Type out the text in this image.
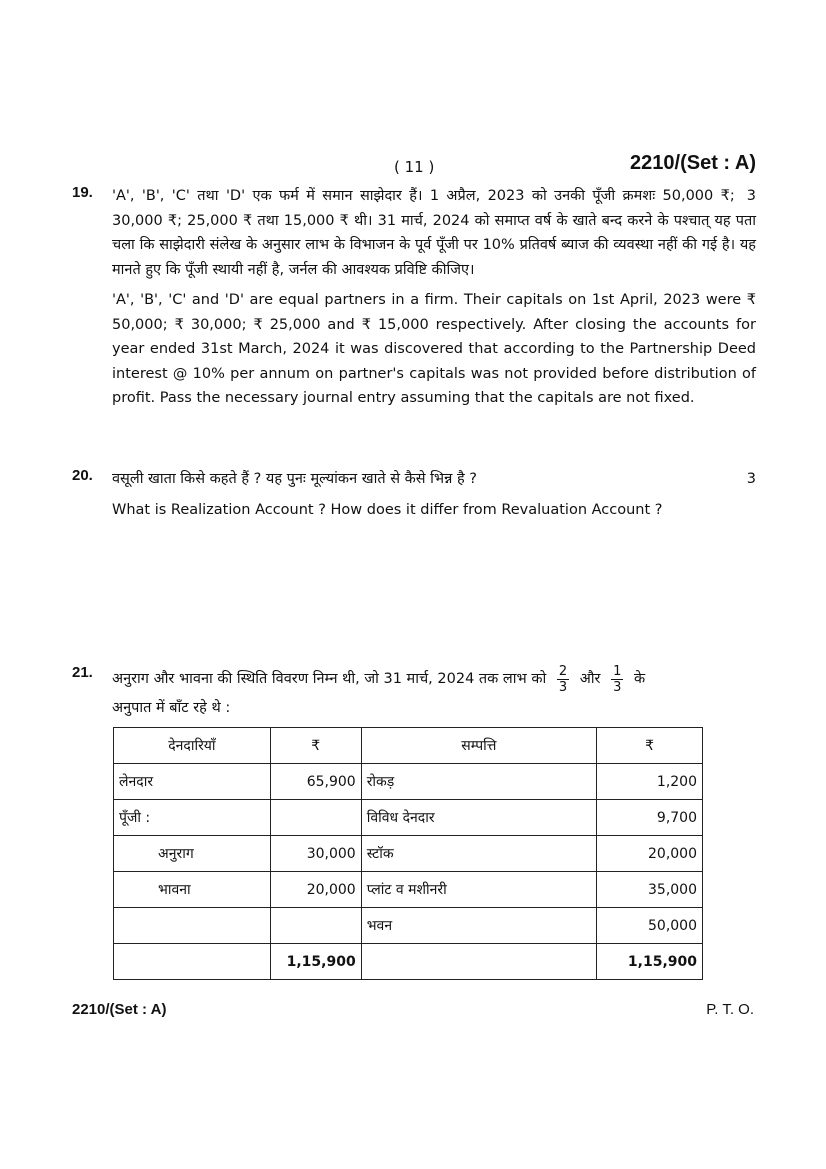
( 11 )	2210/(Set : A)
19.	3
'A', 'B', 'C' तथा 'D' एक फर्म में समान साझेदार हैं। 1 अप्रैल, 2023 को उनकी पूँजी क्रमशः 50,000 ₹; 30,000 ₹; 25,000 ₹ तथा 15,000 ₹ थी। 31 मार्च, 2024 को समाप्त वर्ष के खाते बन्द करने के पश्चात् यह पता चला कि साझेदारी संलेख के अनुसार लाभ के विभाजन के पूर्व पूँजी पर 10% प्रतिवर्ष ब्याज की व्यवस्था नहीं की गई है। यह मानते हुए कि पूँजी स्थायी नहीं है, जर्नल की आवश्यक प्रविष्टि कीजिए।

'A', 'B', 'C' and 'D' are equal partners in a firm. Their capitals on 1st April, 2023 were ₹ 50,000; ₹ 30,000; ₹ 25,000 and ₹ 15,000 respectively. After closing the accounts for year ended 31st March, 2024 it was discovered that according to the Partnership Deed interest @ 10% per annum on partner's capitals was not provided before distribution of profit. Pass the necessary journal entry assuming that the capitals are not fixed.

20.	3
वसूली खाता किसे कहते हैं ? यह पुनः मूल्यांकन खाते से कैसे भिन्न है ?

What is Realization Account ? How does it differ from Revaluation Account ?

21. अनुराग और भावना की स्थिति विवरण निम्न थी, जो 31 मार्च, 2024 तक लाभ को $\frac{2}{3}$ और $\frac{1}{3}$ के
अनुपात में बाँट रहे थे :
देनदारियाँ	₹	सम्पत्ति	₹
लेनदार	65,900	रोकड़	1,200
पूँजी :		विविध देनदार	9,700
अनुराग	30,000	स्टॉक	20,000
भावना	20,000	प्लांट व मशीनरी	35,000
		भवन	50,000
	1,15,900		1,15,900
2210/(Set : A)	P. T. O.
